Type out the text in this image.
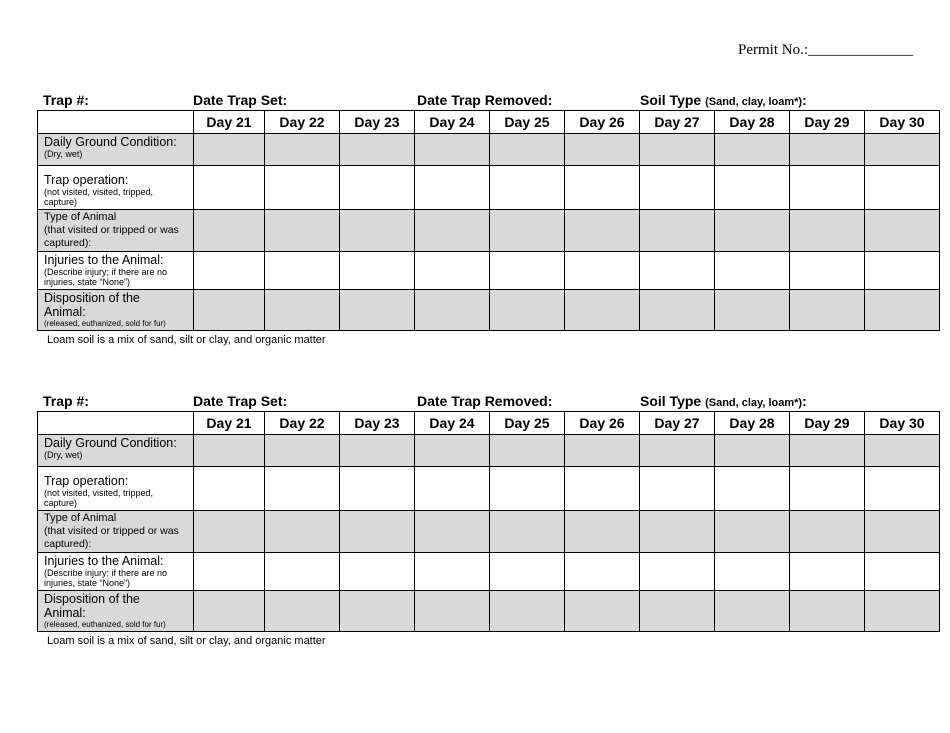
Permit No.:______________
Trap #:	Date Trap Set:	Date Trap Removed:	Soil Type (Sand, clay, loam*):
	Day 21	Day 22	Day 23	Day 24	Day 25	Day 26	Day 27	Day 28	Day 29	Day 30

Daily Ground Condition:
(Dry, wet)										

Trap operation:
(not visited, visited, tripped, capture)										

Type of Animal
(that visited or tripped or was captured):										

Injuries to the Animal:
(Describe injury; if there are no injuries, state “None”)										

Disposition of the Animal:
(released, euthanized, sold for fur)										

Loam soil is a mix of sand, silt or clay, and organic matter
Trap #:	Date Trap Set:	Date Trap Removed:	Soil Type (Sand, clay, loam*):
	Day 21	Day 22	Day 23	Day 24	Day 25	Day 26	Day 27	Day 28	Day 29	Day 30

Daily Ground Condition:
(Dry, wet)										

Trap operation:
(not visited, visited, tripped, capture)										

Type of Animal
(that visited or tripped or was captured):										

Injuries to the Animal:
(Describe injury; if there are no injuries, state “None”)										

Disposition of the Animal:
(released, euthanized, sold for fur)										

Loam soil is a mix of sand, silt or clay, and organic matter
